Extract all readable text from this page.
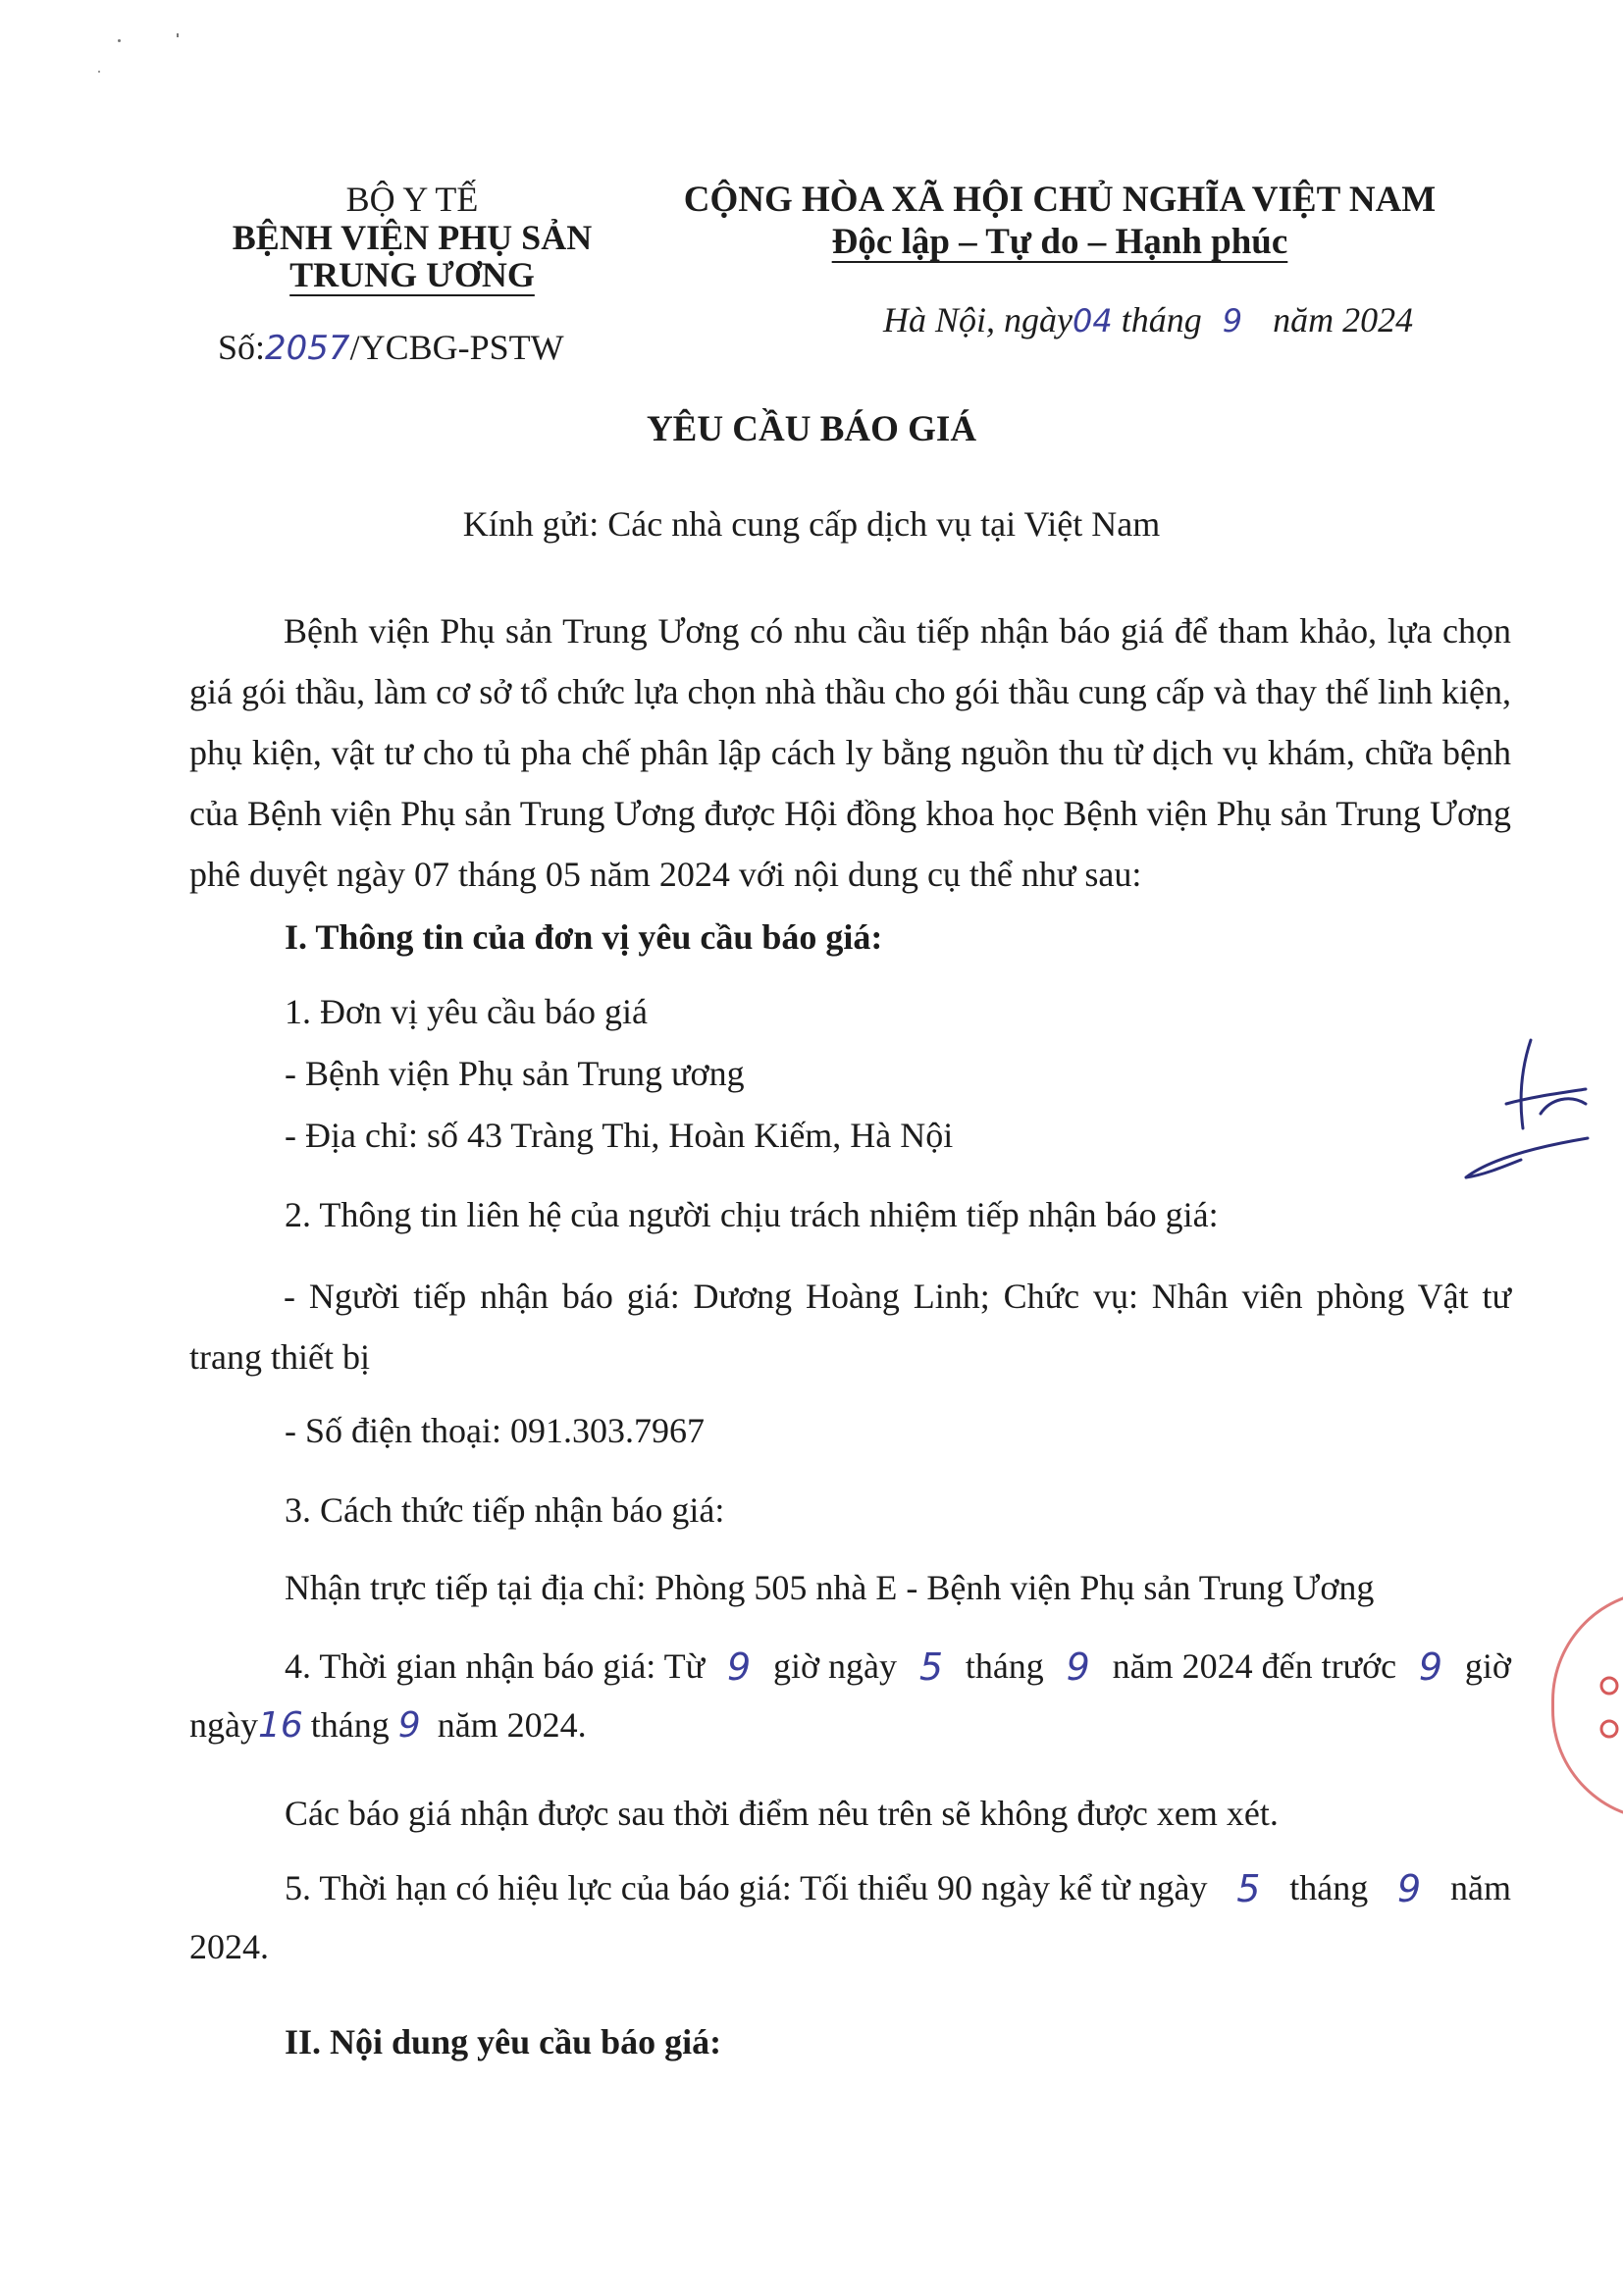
BỘ Y TẾ
BỆNH VIỆN PHỤ SẢN
TRUNG ƯƠNG
Số:2057/YCBG-PSTW
CỘNG HÒA XÃ HỘI CHỦ NGHĨA VIỆT NAM
Độc lập – Tự do – Hạnh phúc
Hà Nội, ngày04 tháng 9 năm 2024
YÊU CẦU BÁO GIÁ
Kính gửi: Các nhà cung cấp dịch vụ tại Việt Nam
Bệnh viện Phụ sản Trung Ương có nhu cầu tiếp nhận báo giá để tham khảo, lựa chọn giá gói thầu, làm cơ sở tổ chức lựa chọn nhà thầu cho gói thầu cung cấp và thay thế linh kiện, phụ kiện, vật tư cho tủ pha chế phân lập cách ly bằng nguồn thu từ dịch vụ khám, chữa bệnh của Bệnh viện Phụ sản Trung Ương được Hội đồng khoa học Bệnh viện Phụ sản Trung Ương phê duyệt ngày 07 tháng 05 năm 2024 với nội dung cụ thể như sau:
I. Thông tin của đơn vị yêu cầu báo giá:
1. Đơn vị yêu cầu báo giá
- Bệnh viện Phụ sản Trung ương
- Địa chỉ: số 43 Tràng Thi, Hoàn Kiếm, Hà Nội
2. Thông tin liên hệ của người chịu trách nhiệm tiếp nhận báo giá:
- Người tiếp nhận báo giá: Dương Hoàng Linh; Chức vụ: Nhân viên phòng Vật tư trang thiết bị
- Số điện thoại: 091.303.7967
3. Cách thức tiếp nhận báo giá:
Nhận trực tiếp tại địa chỉ: Phòng 505 nhà E - Bệnh viện Phụ sản Trung Ương
4. Thời gian nhận báo giá: Từ 9 giờ ngày 5 tháng 9 năm 2024 đến trước 9 giờ
ngày16 tháng 9 năm 2024.
Các báo giá nhận được sau thời điểm nêu trên sẽ không được xem xét.
5. Thời hạn có hiệu lực của báo giá: Tối thiểu 90 ngày kể từ ngày 5 tháng 9 năm
2024.
II. Nội dung yêu cầu báo giá:
